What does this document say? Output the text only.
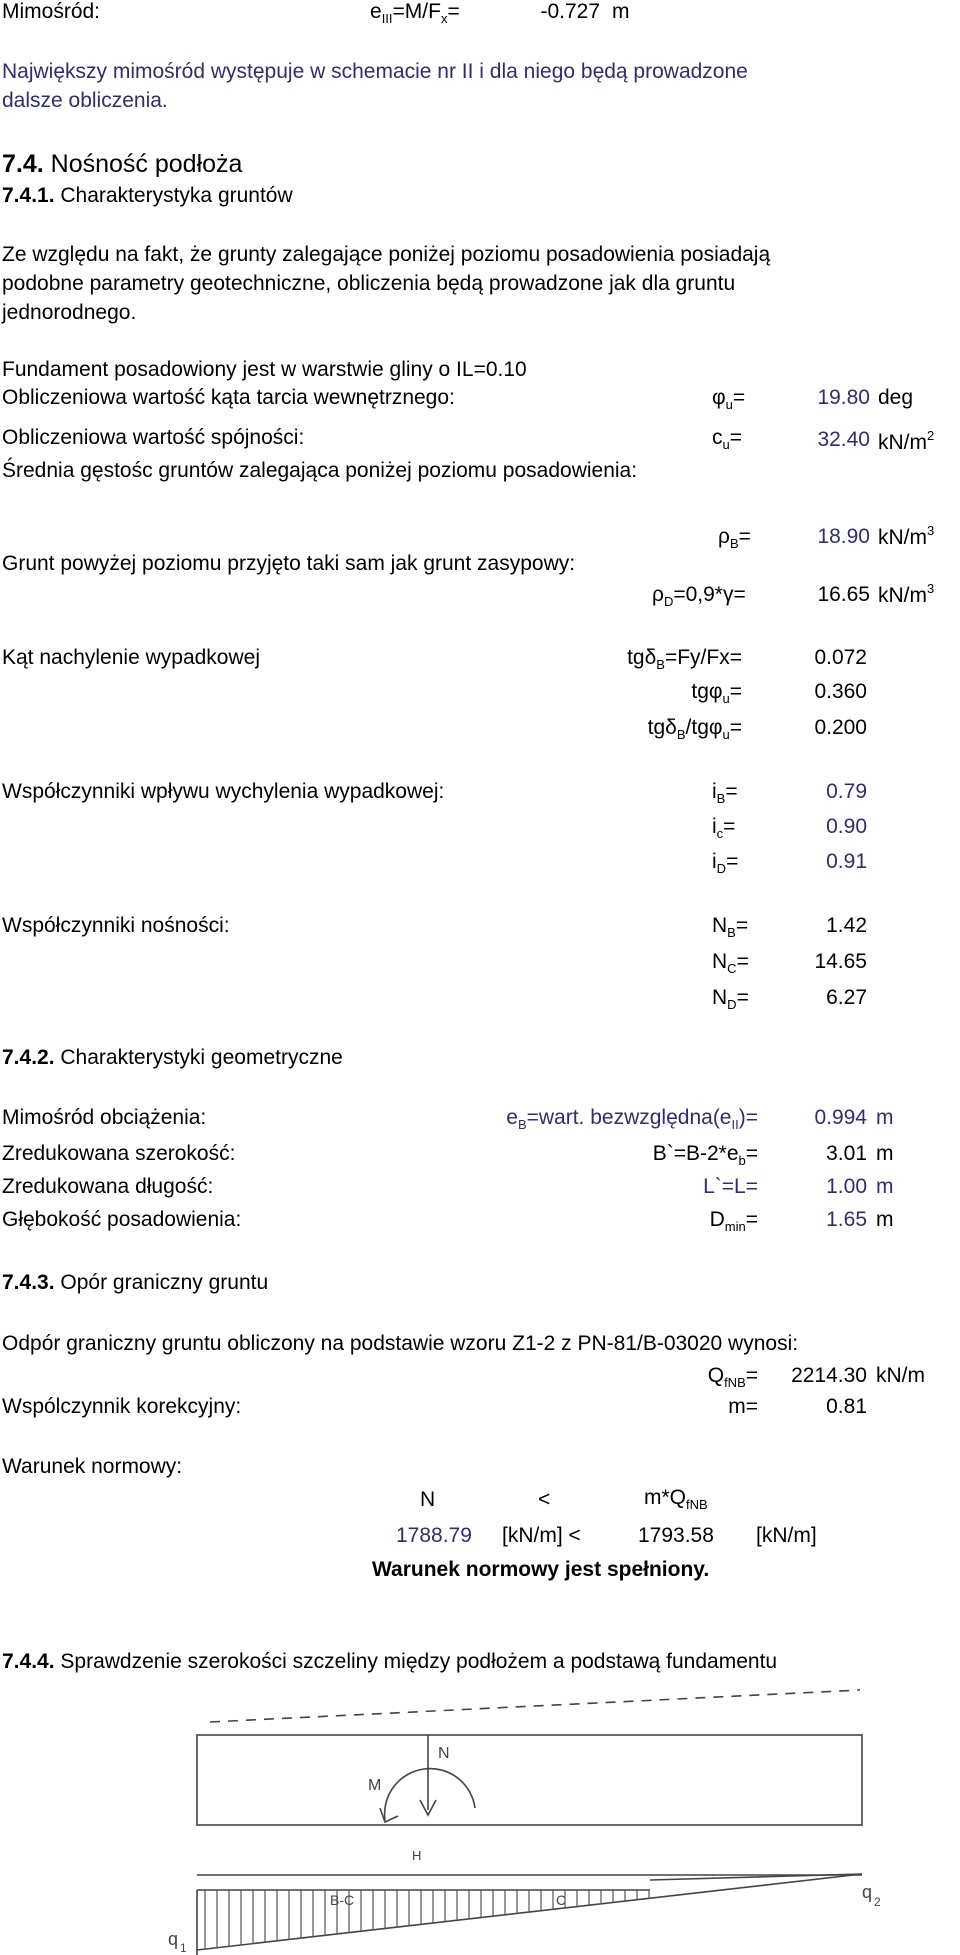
Mimośród:	$e_{III}=M/F_x=$	-0.727 m
Największy mimośród występuje w schemacie nr II i dla niego będą prowadzone
dalsze obliczenia.
7.4. Nośność podłoża
7.4.1. Charakterystyka gruntów
Ze względu na fakt, że grunty zalegające poniżej poziomu posadowienia posiadają
podobne parametry geotechniczne, obliczenia będą prowadzone jak dla gruntu
jednorodnego.
Fundament posadowiony jest w warstwie gliny o IL=0.10
Obliczeniowa wartość kąta tarcia wewnętrznego:	$\varphi_u=$	19.80 deg
Obliczeniowa wartość spójności:	$c_u=$	32.40 $kN/m^2$
Średnia gęstośc gruntów zalegająca poniżej poziomu posadowienia:
$\rho_B=$	18.90 $kN/m^3$
Grunt powyżej poziomu przyjęto taki sam jak grunt zasypowy:
$\rho_D=0,9*\gamma=$	16.65 $kN/m^3$
Kąt nachylenie wypadkowej	tgδ$_B$=Fy/Fx=	0.072
tgφ$_u$=	0.360
tgδ$_B$/tgφ$_u$=	0.200
Współczynniki wpływu wychylenia wypadkowej:	$i_B=$	0.79
$i_c=$	0.90
$i_D=$	0.91
Współczynniki nośności:	$N_B=$	1.42
$N_C=$	14.65
$N_D=$	6.27
7.4.2. Charakterystyki geometryczne
Mimośród obciążenia:	$e_B=wart$. $bezwzględna(e_{II})=$	0.994 m
Zredukowana szerokość:	$B`=B-2*e_b=$	3.01 m
Zredukowana długość:	L`=L=	1.00 m
Głębokość posadowienia:	$D_{min}=$	1.65 m
7.4.3. Opór graniczny gruntu
Odpór graniczny gruntu obliczony na podstawie wzoru Z1-2 z PN-81/B-03020 wynosi:
$Q_{fNB}=$	2214.30 kN/m
Wspólczynnik korekcyjny:	m=	0.81
Warunek normowy:
N	<	$m*Q_{fNB}$
1788.79 [kN/m] <	1793.58 [kN/m]
Warunek normowy jest spełniony.
7.4.4. Sprawdzenie szerokości szczeliny między podłożem a podstawą fundamentu
N
M
H
B-C	C
q 1
q 2
